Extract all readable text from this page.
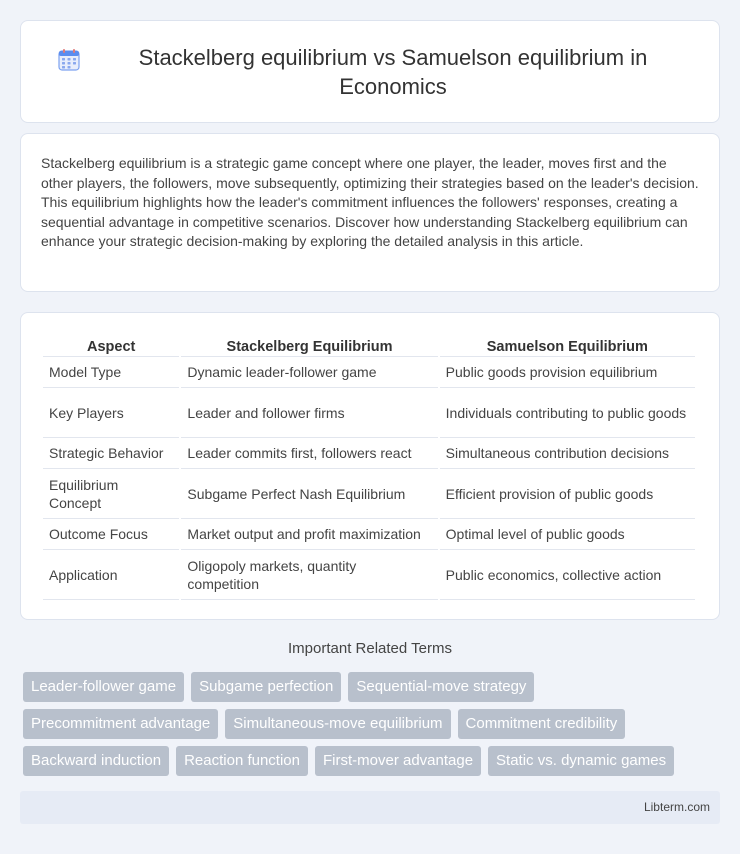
Stackelberg equilibrium vs Samuelson equilibrium in Economics

Stackelberg equilibrium is a strategic game concept where one player, the leader, moves first and the other players, the followers, move subsequently, optimizing their strategies based on the leader's decision. This equilibrium highlights how the leader's commitment influences the followers' responses, creating a sequential advantage in competitive scenarios. Discover how understanding Stackelberg equilibrium can enhance your strategic decision-making by exploring the detailed analysis in this article.

Aspect	Stackelberg Equilibrium	Samuelson Equilibrium
Model Type	Dynamic leader-follower game	Public goods provision equilibrium
Key Players	Leader and follower firms	Individuals contributing to public goods
Strategic Behavior	Leader commits first, followers react	Simultaneous contribution decisions
Equilibrium Concept	Subgame Perfect Nash Equilibrium	Efficient provision of public goods
Outcome Focus	Market output and profit maximization	Optimal level of public goods
Application	Oligopoly markets, quantity competition	Public economics, collective action
Important Related Terms
Leader-follower game	Subgame perfection	Sequential-move strategy
Precommitment advantage	Simultaneous-move equilibrium	Commitment credibility
Backward induction	Reaction function	First-mover advantage	Static vs. dynamic games
Libterm.com
